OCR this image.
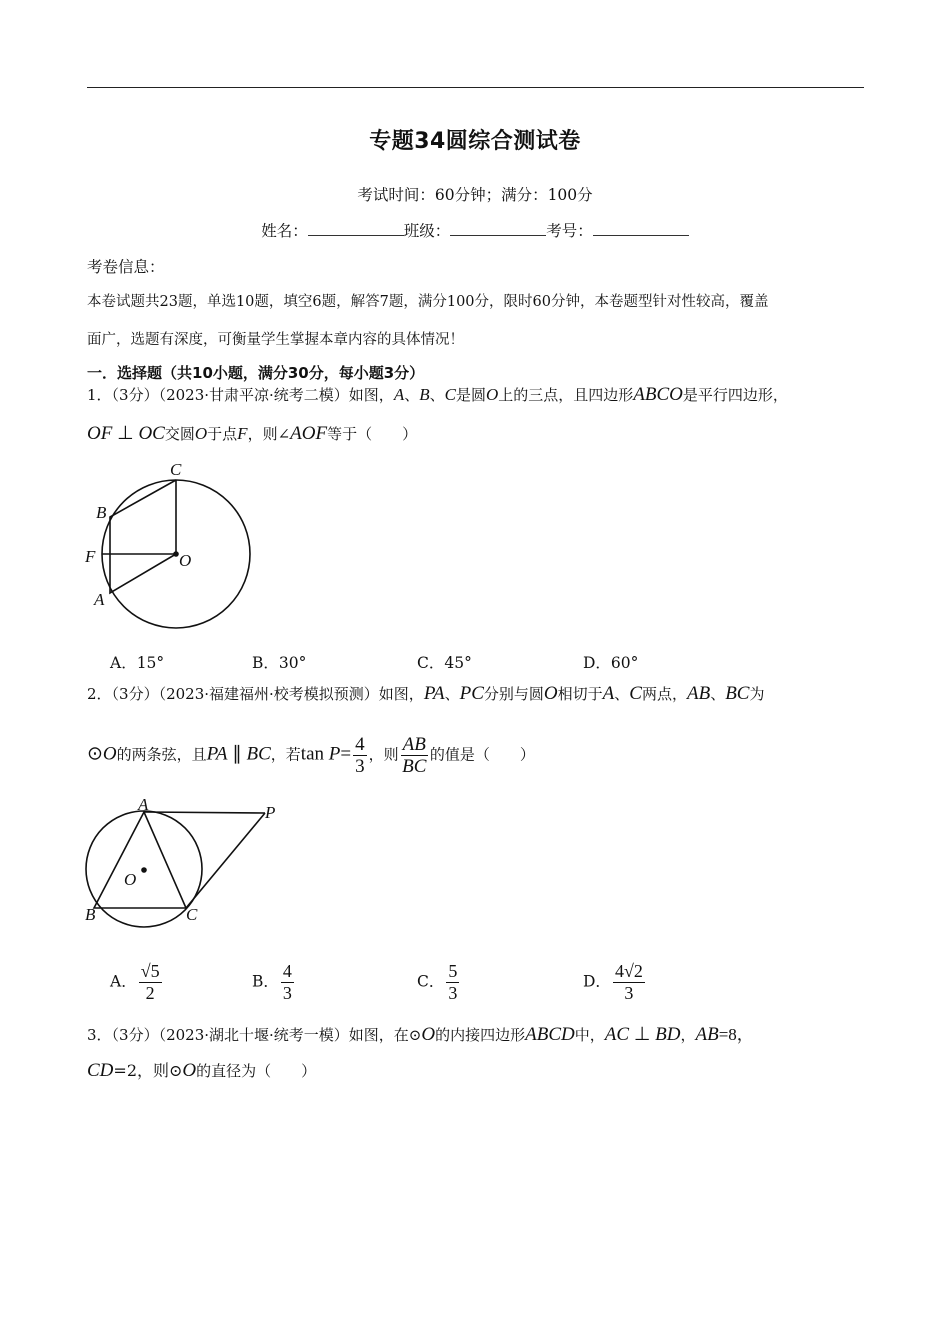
专题34圆综合测试卷
考试时间：60分钟；满分：100分
姓名：	班级：	考号：
考卷信息：
本卷试题共23题，单选10题，填空6题，解答7题，满分100分，限时60分钟，本卷题型针对性较高，覆盖
面广，选题有深度，可衡量学生掌握本章内容的具体情况！
一．选择题（共10小题，满分30分，每小题3分）
1．（3分）（2023·甘肃平凉·统考二模）如图，A、B、C是圆O上的三点，且四边形ABCO是平行四边形，
OF ⊥ OC交圆O于点F，则∠AOF等于（　　）
C
B
F	O
A
A．15°	B．30°	C．45°	D．60°
2．（3分）（2023·福建福州·校考模拟预测）如图，PA、PC分别与圆O相切于A、C两点，AB、BC为
⊙O的两条弦，且PA ∥ BC，若$\tan P= \frac{4}{3}$ ，则 $\frac{AB}{BC}$ 的值是（　　）
A	P
O
B	C
A． $\frac{√5}{2}$	B． $\frac{4}{3}$	C． $\frac{5}{3}$	D． $\frac{4√2}{3}$
3．（3分）（2023·湖北十堰·统考一模）如图，在⊙O的内接四边形ABCD中，AC ⊥ BD，AB=8，
CD=2，则⊙O的直径为（　　）
